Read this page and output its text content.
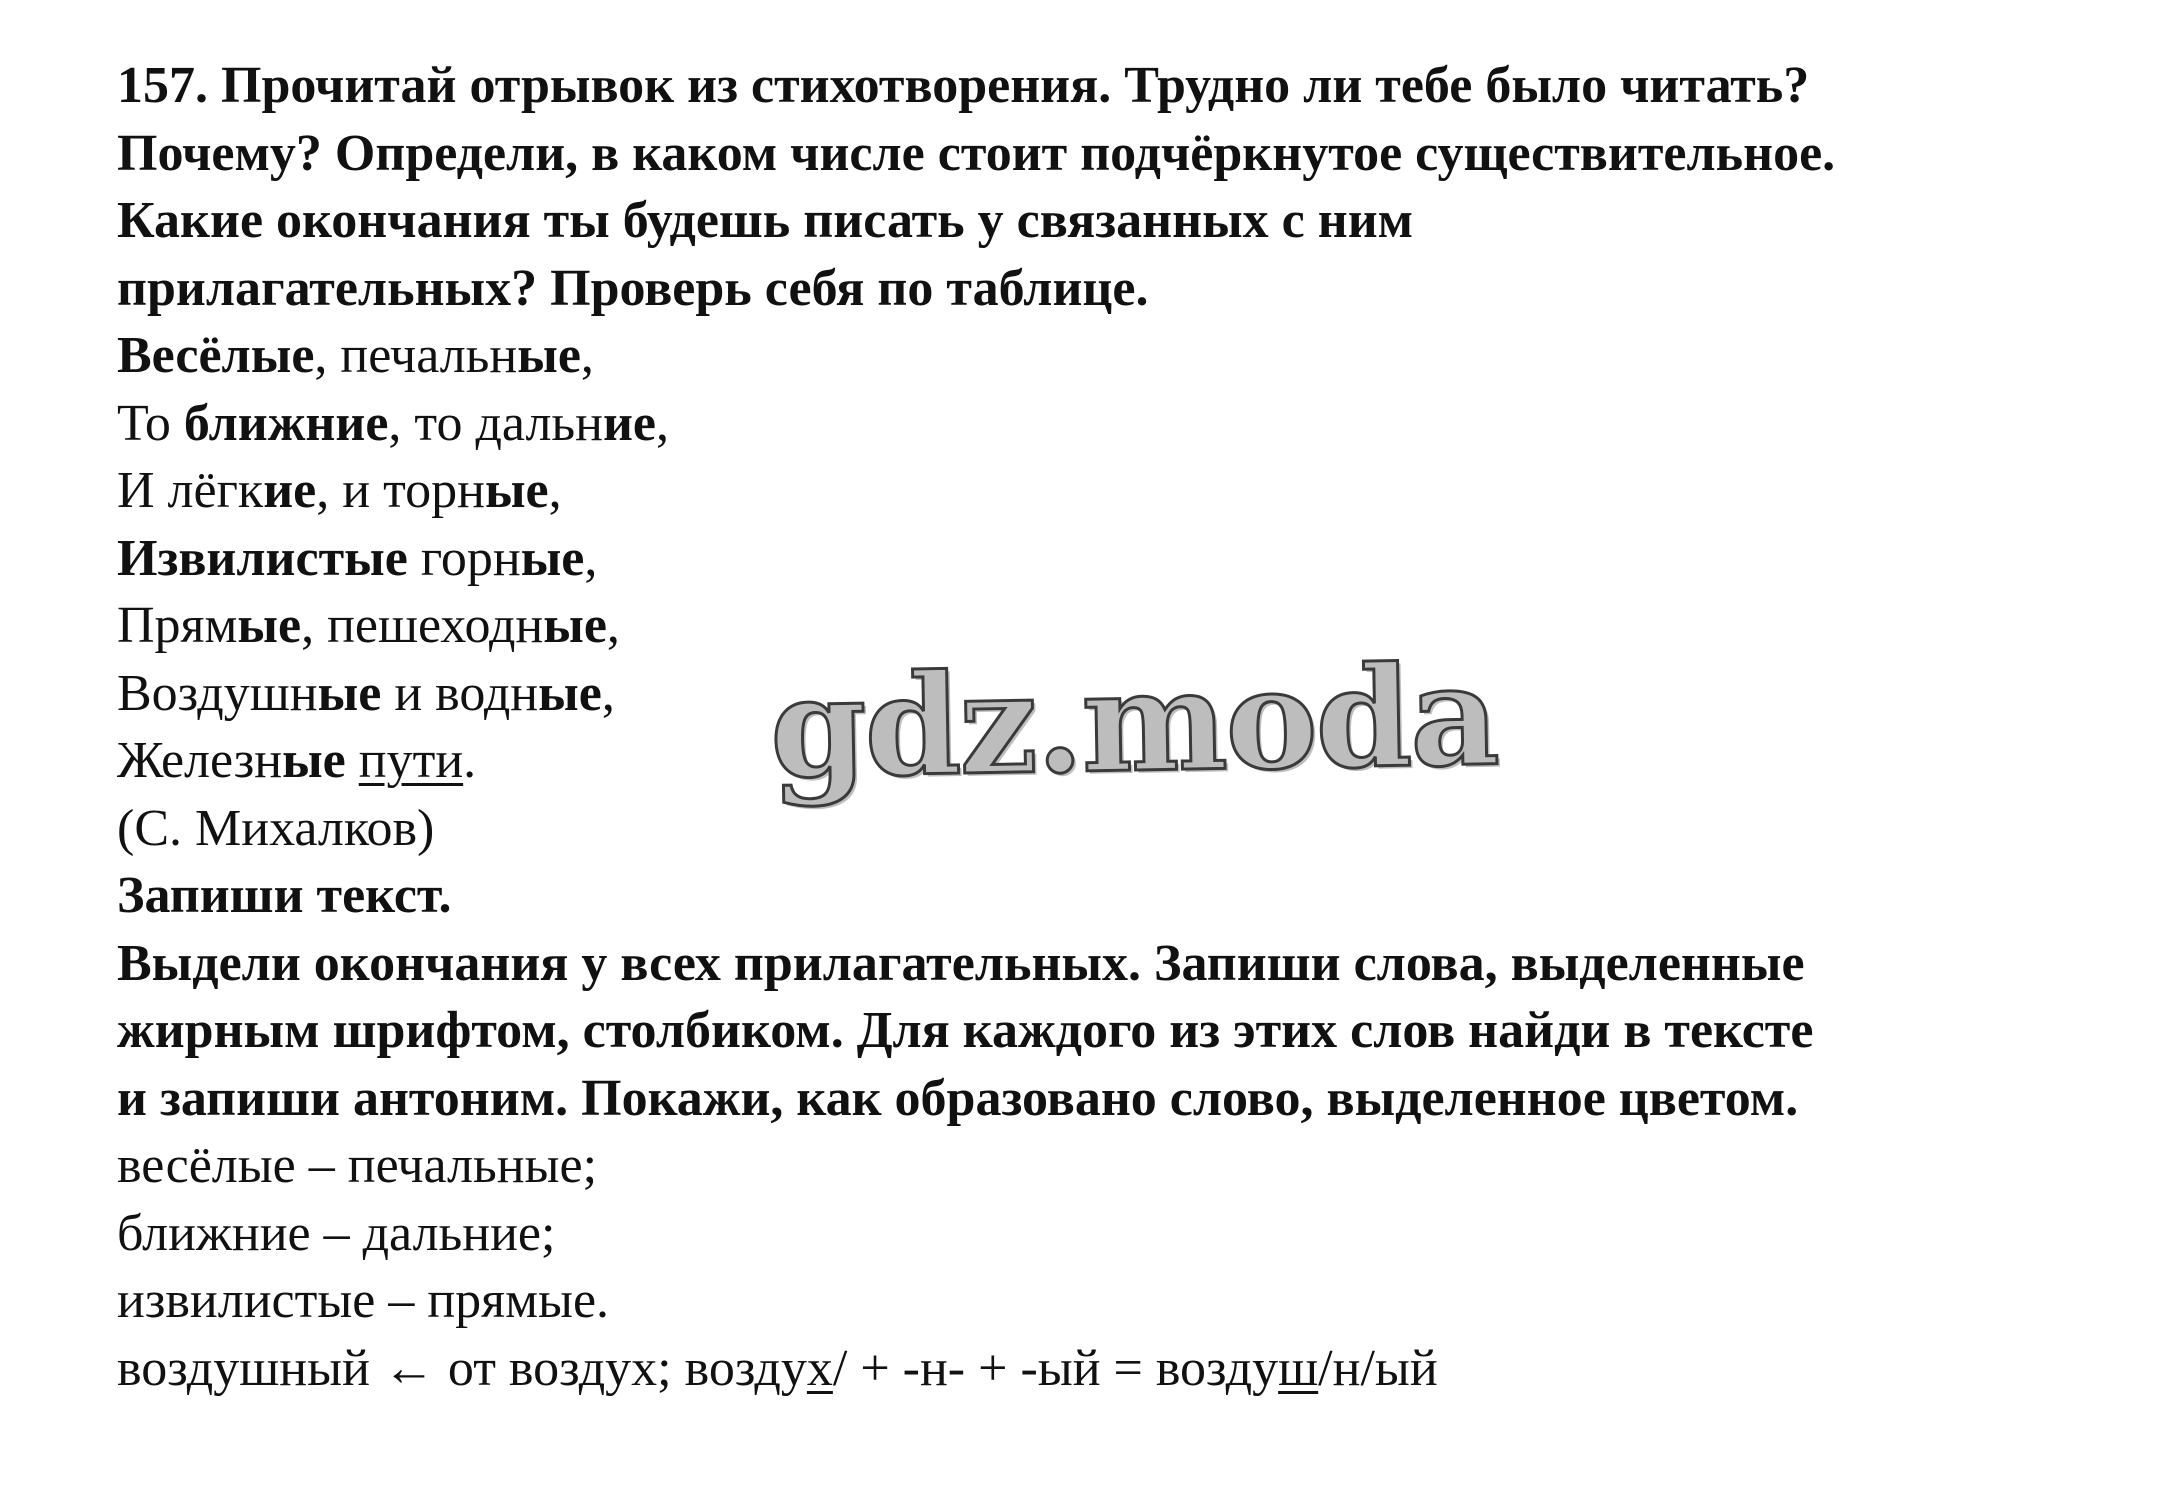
157. Прочитай отрывок из стихотворения. Трудно ли тебе было читать?
Почему? Определи, в каком числе стоит подчёркнутое существительное.
Какие окончания ты будешь писать у связанных с ним
прилагательных? Проверь себя по таблице.
Весёлые, печальные,
То ближние, то дальние,
И лёгкие, и торные,
Извилистые горные,
Прямые, пешеходные,
Воздушные и водные,
Железные пути.
(С. Михалков)
Запиши текст.
Выдели окончания у всех прилагательных. Запиши слова, выделенные
жирным шрифтом, столбиком. Для каждого из этих слов найди в тексте
и запиши антоним. Покажи, как образовано слово, выделенное цветом.
весёлые – печальные;
ближние – дальние;
извилистые – прямые.
воздушный ← от воздух; воздух/ + -н- + -ый = воздуш/н/ый
gdz.moda
